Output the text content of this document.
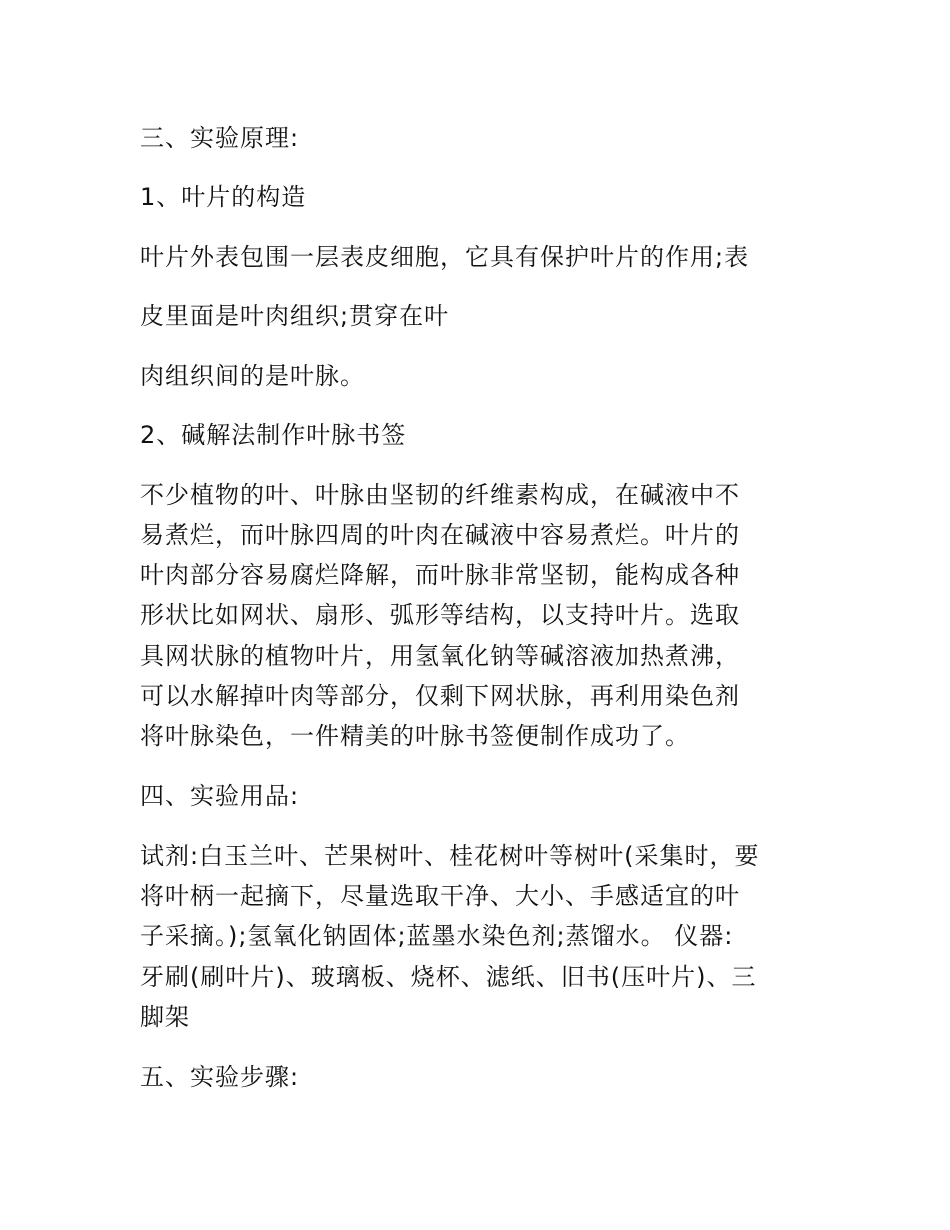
三、实验原理:
1、叶片的构造
叶片外表包围一层表皮细胞，它具有保护叶片的作用;表
皮里面是叶肉组织;贯穿在叶
肉组织间的是叶脉。
2、碱解法制作叶脉书签
不少植物的叶、叶脉由坚韧的纤维素构成，在碱液中不
易煮烂，而叶脉四周的叶肉在碱液中容易煮烂。叶片的
叶肉部分容易腐烂降解，而叶脉非常坚韧，能构成各种
形状比如网状、扇形、弧形等结构，以支持叶片。选取
具网状脉的植物叶片，用氢氧化钠等碱溶液加热煮沸，
可以水解掉叶肉等部分，仅剩下网状脉，再利用染色剂
将叶脉染色，一件精美的叶脉书签便制作成功了。
四、实验用品:
试剂:白玉兰叶、芒果树叶、桂花树叶等树叶(采集时，要
将叶柄一起摘下，尽量选取干净、大小、手感适宜的叶
子采摘。);氢氧化钠固体;蓝墨水染色剂;蒸馏水。 仪器:
牙刷(刷叶片)、玻璃板、烧杯、滤纸、旧书(压叶片)、三
脚架
五、实验步骤:
